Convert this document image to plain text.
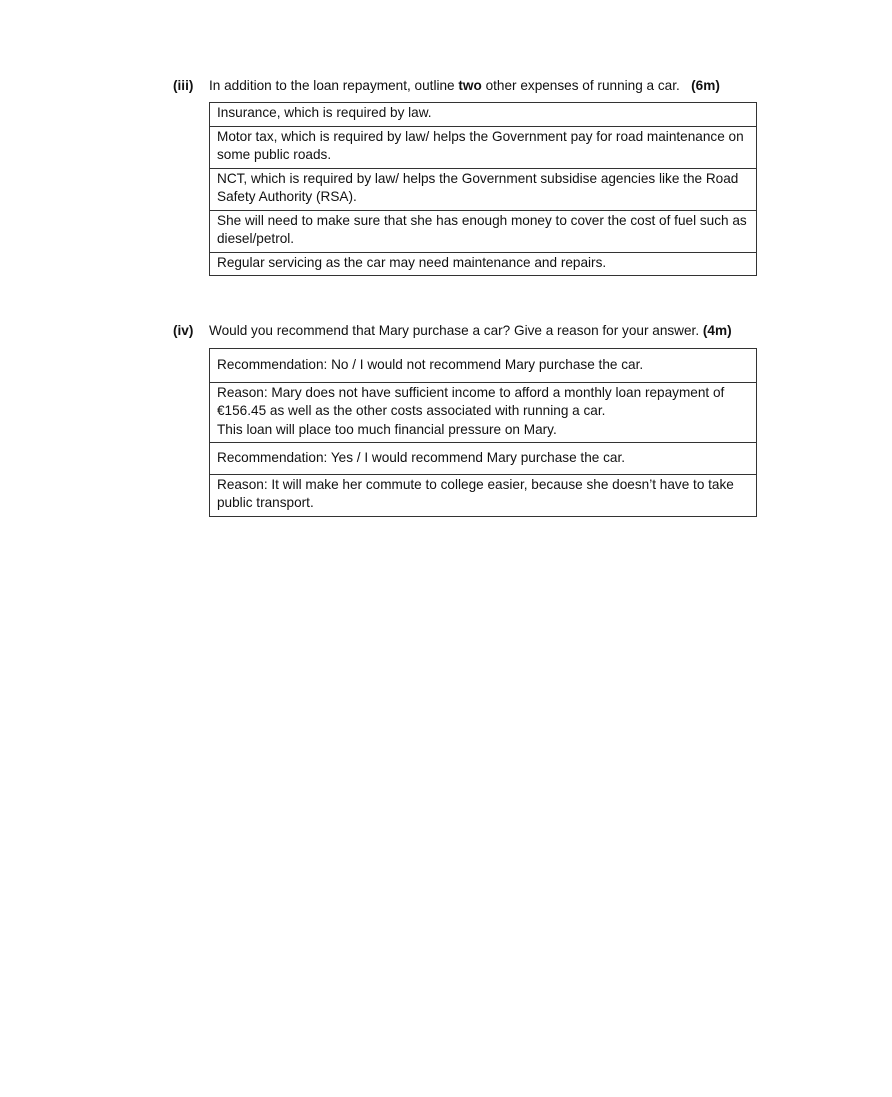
(iii) In addition to the loan repayment, outline two other expenses of running a car. (6m)
Insurance, which is required by law.
Motor tax, which is required by law/ helps the Government pay for road maintenance on some public roads.
NCT, which is required by law/ helps the Government subsidise agencies like the Road Safety Authority (RSA).
She will need to make sure that she has enough money to cover the cost of fuel such as diesel/petrol.
Regular servicing as the car may need maintenance and repairs.
(iv) Would you recommend that Mary purchase a car? Give a reason for your answer. (4m)
Recommendation: No / I would not recommend Mary purchase the car.

Reason: Mary does not have sufficient income to afford a monthly loan repayment of €156.45 as well as the other costs associated with running a car.
This loan will place too much financial pressure on Mary.

Recommendation: Yes / I would recommend Mary purchase the car.
Reason: It will make her commute to college easier, because she doesn’t have to take public transport.
